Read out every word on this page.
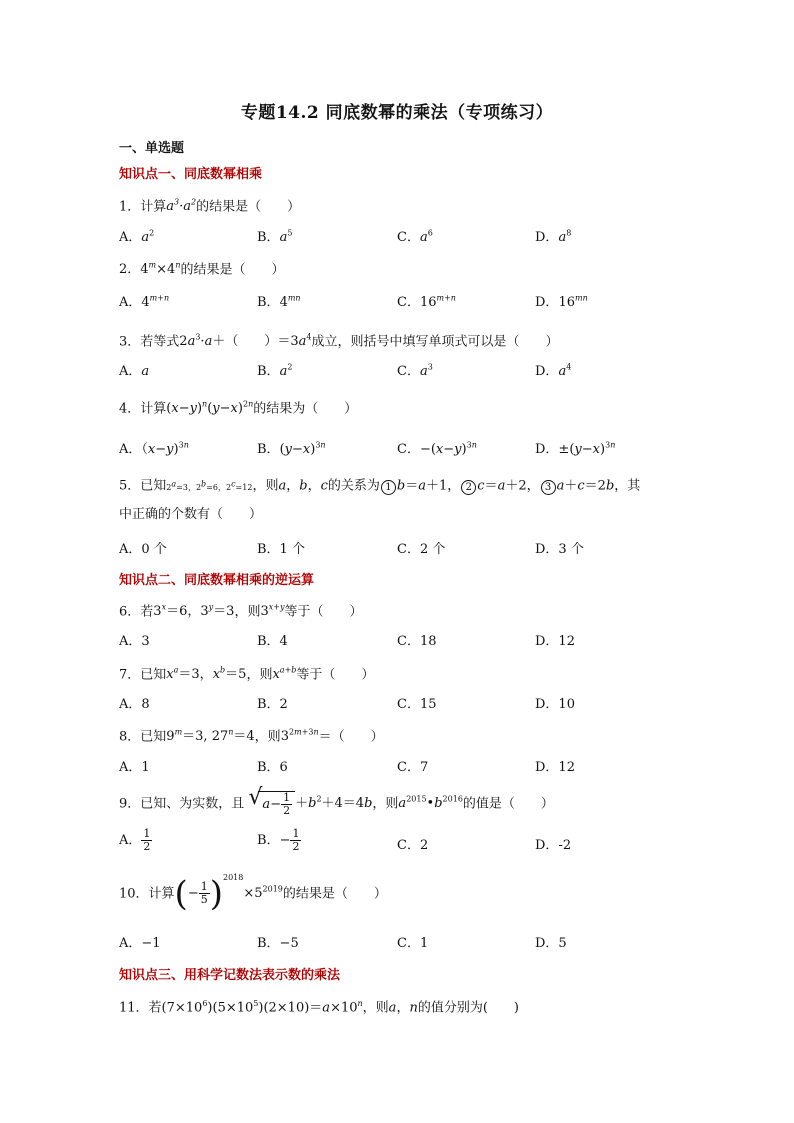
专题14.2 同底数幂的乘法（专项练习）
一、单选题
知识点一、同底数幂相乘
1．计算$a^3\cdot a^2$的结果是（　　）
A．$a^2$	B．$a^5$	C．$a^6$	D．$a^8$
2．$4^m\times 4^n$的结果是（　　）
A．$4^{m+n}$	B．$4^{mn}$	C．$16^{m+n}$	D．$16^{mn}$
3．若等式$2a^3\cdot a+$（　　）$=3a^4$成立，则括号中填写单项式可以是（　　）
A．a	B．$a^2$	C．$a^3$	D．$a^4$
4．计算$(x-y)^n(y-x)^{2n}$的结果为（　　）
A．（x−y)$^{3n}$	B．$(y-x)^{3n}$	C．$-(x-y)^{3n}$	D．$\pm(y-x)^{3n}$
5．已知$2^a=3$，$2^b=6$，$2^c=12$，则a，b，c的关系为 1 b＝a＋1， 2 c＝a＋2， 3 a＋c＝2b，其
中正确的个数有（　　）
A．0 个	B．1 个	C．2 个	D．3 个
知识点二、同底数幂相乘的逆运算
6．若$3^x=6$，$3^y=3$，则$3^{x+y}$等于（　　）
A．3	B．4	C．18	D．12
7．已知$x^a=3$，$x^b=5$，则$x^{a+b}$等于（　　）
A．8	B．2	C．15	D．10
8．已知$9^m=3$, $27^n=4$，则$3^{2m+3n}=$（　　）
A．1	B．6	C．7	D．12
9．已知、为实数，且 √ $a- \frac{1}{2} +b^2+4=4b$，则$a^{2015}•b^{2016}$的值是（　　）
A． $\frac{1}{2}$	B．− $\frac{1}{2}$	C．2	D．-2
10．计算(− $\frac{1}{5} )^{2018}\times 5^{2019}$的结果是（　　）
A．−1	B．−5	C．1	D．5
知识点三、用科学记数法表示数的乘法
11．若$(7\times 10^6)(5\times 10^5)(2\times 10)=a\times 10^n$，则a，n的值分别为(　　)
